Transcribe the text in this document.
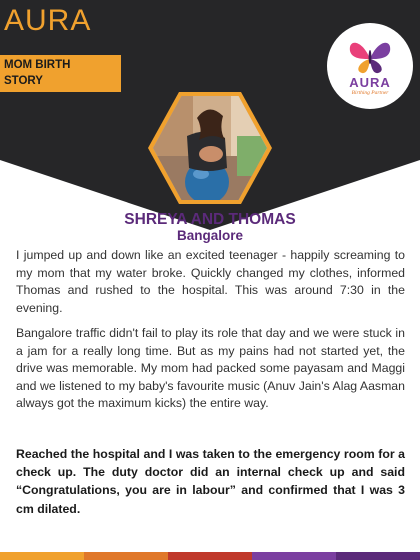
AURA
MOM BIRTH
STORY	AURA
Birthing Partner
SHREYA AND THOMAS
Bangalore

I jumped up and down like an excited teenager - happily screaming to my mom that my water broke. Quickly changed my clothes, informed Thomas and rushed to the hospital. This was around 7:30 in the evening.

Bangalore traffic didn't fail to play its role that day and we were stuck in a jam for a really long time. But as my pains had not started yet, the drive was memorable. My mom had packed some payasam and Maggi and we listened to my baby's favourite music (Anuv Jain's Alag Aasman always got the maximum kicks) the entire way.

Reached the hospital and I was taken to the emergency room for a check up. The duty doctor did an internal check up and said “Congratulations, you are in labour” and confirmed that I was 3 cm dilated.
